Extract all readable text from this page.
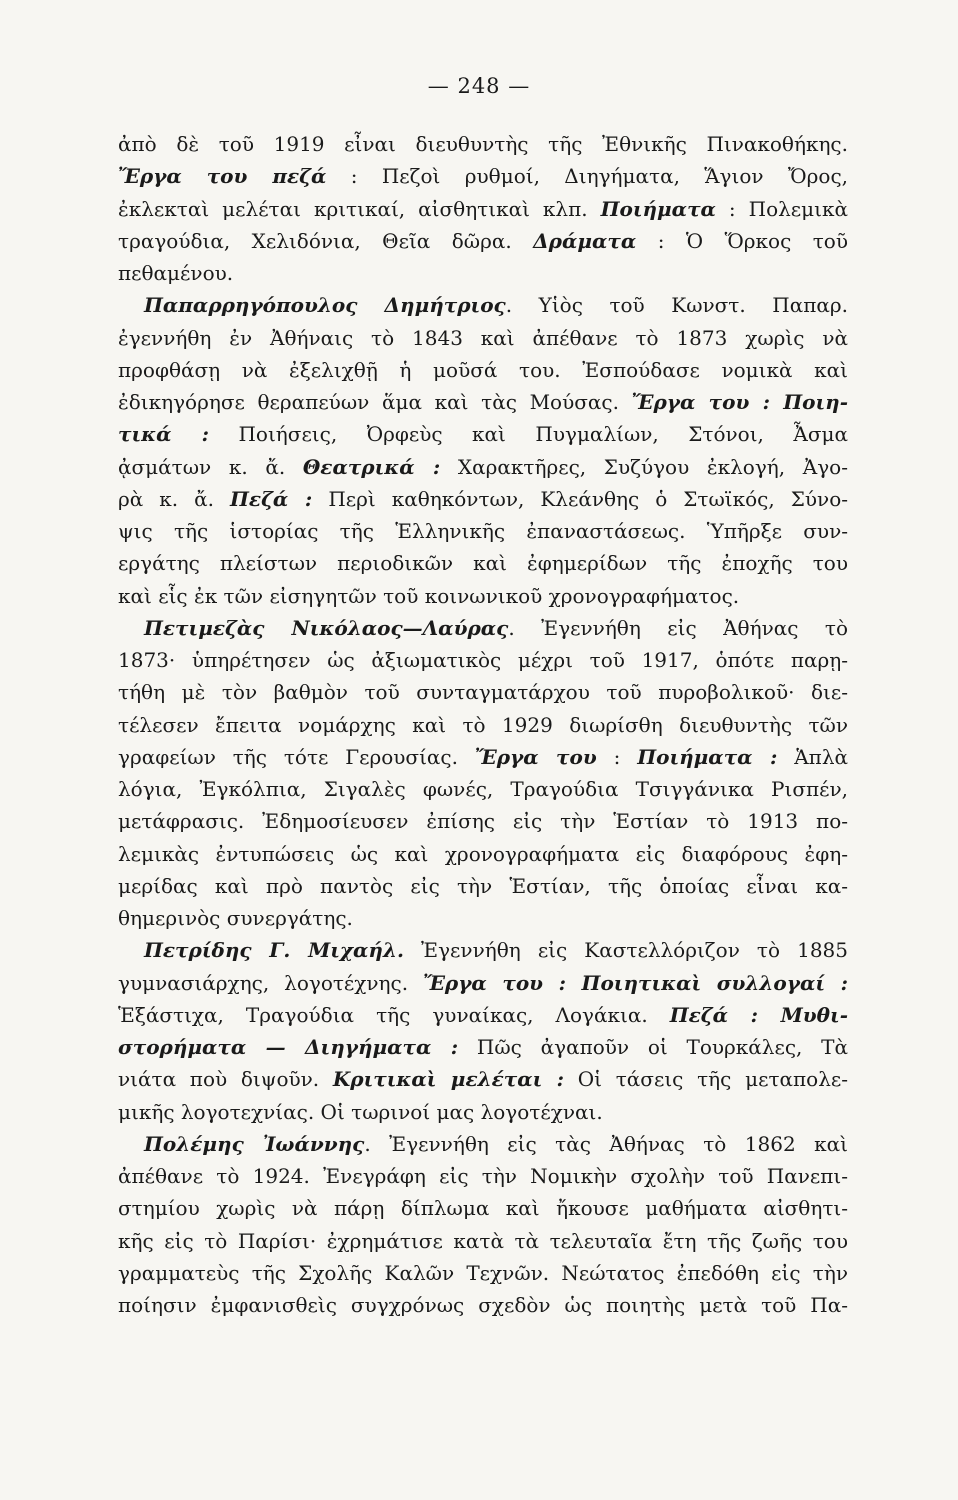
— 248 —
ἀπὸ δὲ τοῦ 1919 εἶναι διευθυντὴς τῆς Ἐθνικῆς Πινακοθήκης.
Ἔργα του πεζά : Πεζοὶ ρυθμοί, Διηγήματα, Ἅγιον Ὄρος,
ἐκλεκταὶ μελέται κριτικαί, αἰσθητικαὶ κλπ. Ποιήματα : Πολεμικὰ
τραγούδια, Χελιδόνια, Θεῖα δῶρα. Δράματα : Ὁ Ὅρκος τοῦ
πεθαμένου.
Παπαρρηγόπουλος Δημήτριος. Υἱὸς τοῦ Κωνστ. Παπαρ.
ἐγεννήθη ἐν Ἀθήναις τὸ 1843 καὶ ἀπέθανε τὸ 1873 χωρὶς νὰ
προφθάσῃ νὰ ἐξελιχθῇ ἡ μοῦσά του. Ἐσπούδασε νομικὰ καὶ
ἐδικηγόρησε θεραπεύων ἅμα καὶ τὰς Μούσας. Ἔργα του : Ποιη-
τικά : Ποιήσεις, Ὀρφεὺς καὶ Πυγμαλίων, Στόνοι, Ἆσμα
ᾀσμάτων κ. ἄ. Θεατρικά : Χαρακτῆρες, Συζύγου ἐκλογή, Ἀγο-
ρὰ κ. ἄ. Πεζά : Περὶ καθηκόντων, Κλεάνθης ὁ Στωϊκός, Σύνο-
ψις τῆς ἱστορίας τῆς Ἑλληνικῆς ἐπαναστάσεως. Ὑπῆρξε συν-
εργάτης πλείστων περιοδικῶν καὶ ἐφημερίδων τῆς ἐποχῆς του
καὶ εἷς ἐκ τῶν εἰσηγητῶν τοῦ κοινωνικοῦ χρονογραφήματος.
Πετιμεζὰς Νικόλαος—Λαύρας. Ἐγεννήθη εἰς Ἀθήνας τὸ
1873· ὑπηρέτησεν ὡς ἀξιωματικὸς μέχρι τοῦ 1917, ὁπότε παρῃ-
τήθη μὲ τὸν βαθμὸν τοῦ συνταγματάρχου τοῦ πυροβολικοῦ· διε-
τέλεσεν ἔπειτα νομάρχης καὶ τὸ 1929 διωρίσθη διευθυντὴς τῶν
γραφείων τῆς τότε Γερουσίας. Ἔργα του : Ποιήματα : Ἁπλὰ
λόγια, Ἐγκόλπια, Σιγαλὲς φωνές, Τραγούδια Τσιγγάνικα Ρισπέν,
μετάφρασις. Ἐδημοσίευσεν ἐπίσης εἰς τὴν Ἑστίαν τὸ 1913 πο-
λεμικὰς ἐντυπώσεις ὡς καὶ χρονογραφήματα εἰς διαφόρους ἐφη-
μερίδας καὶ πρὸ παντὸς εἰς τὴν Ἑστίαν, τῆς ὁποίας εἶναι κα-
θημερινὸς συνεργάτης.
Πετρίδης Γ. Μιχαήλ. Ἐγεννήθη εἰς Καστελλόριζον τὸ 1885
γυμνασιάρχης, λογοτέχνης. Ἔργα του : Ποιητικαὶ συλλογαί :
Ἑξάστιχα, Τραγούδια τῆς γυναίκας, Λογάκια. Πεζά : Μυθι-
στορήματα — Διηγήματα : Πῶς ἀγαποῦν οἱ Τουρκάλες, Τὰ
νιάτα ποὺ διψοῦν. Κριτικαὶ μελέται : Οἱ τάσεις τῆς μεταπολε-
μικῆς λογοτεχνίας. Οἱ τωρινοί μας λογοτέχναι.
Πολέμης Ἰωάννης. Ἐγεννήθη εἰς τὰς Ἀθήνας τὸ 1862 καὶ
ἀπέθανε τὸ 1924. Ἐνεγράφη εἰς τὴν Νομικὴν σχολὴν τοῦ Πανεπι-
στημίου χωρὶς νὰ πάρῃ δίπλωμα καὶ ἤκουσε μαθήματα αἰσθητι-
κῆς εἰς τὸ Παρίσι· ἐχρημάτισε κατὰ τὰ τελευταῖα ἔτη τῆς ζωῆς του
γραμματεὺς τῆς Σχολῆς Καλῶν Τεχνῶν. Νεώτατος ἐπεδόθη εἰς τὴν
ποίησιν ἐμφανισθεὶς συγχρόνως σχεδὸν ὡς ποιητὴς μετὰ τοῦ Πα-
